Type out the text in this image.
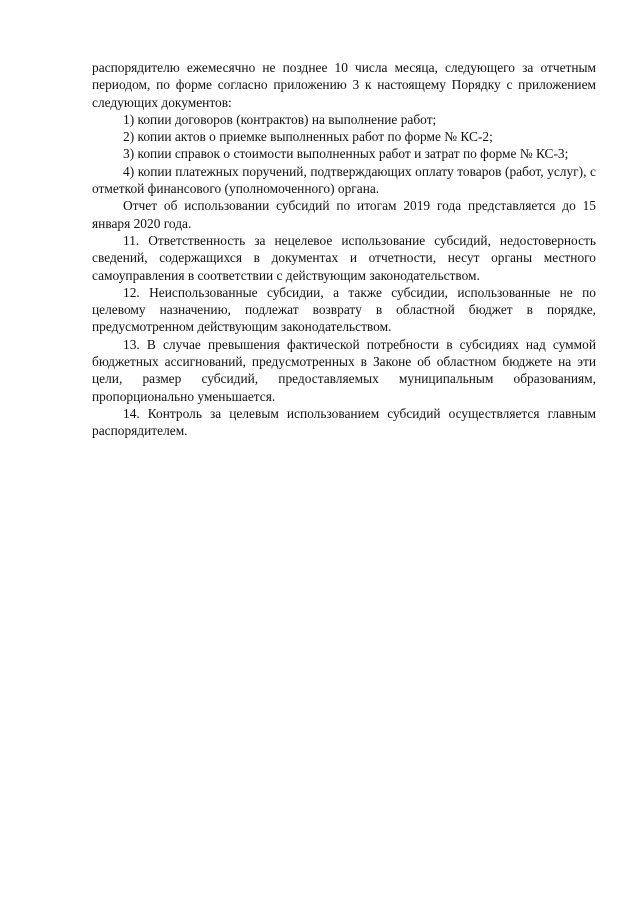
распорядителю ежемесячно не позднее 10 числа месяца, следующего за отчетным периодом, по форме согласно приложению 3 к настоящему Порядку с приложением следующих документов:

1) копии договоров (контрактов) на выполнение работ;

2) копии актов о приемке выполненных работ по форме № КС-2;

3) копии справок о стоимости выполненных работ и затрат по форме № КС-3;

4) копии платежных поручений, подтверждающих оплату товаров (работ, услуг), с отметкой финансового (уполномоченного) органа.

Отчет об использовании субсидий по итогам 2019 года представляется до 15 января 2020 года.

11. Ответственность за нецелевое использование субсидий, недостоверность сведений, содержащихся в документах и отчетности, несут органы местного самоуправления в соответствии с действующим законодательством.

12. Неиспользованные субсидии, а также субсидии, использованные не по целевому назначению, подлежат возврату в областной бюджет в порядке, предусмотренном действующим законодательством.

13. В случае превышения фактической потребности в субсидиях над суммой бюджетных ассигнований, предусмотренных в Законе об областном бюджете на эти цели, размер субсидий, предоставляемых муниципальным образованиям, пропорционально уменьшается.

14. Контроль за целевым использованием субсидий осуществляется главным распорядителем.
